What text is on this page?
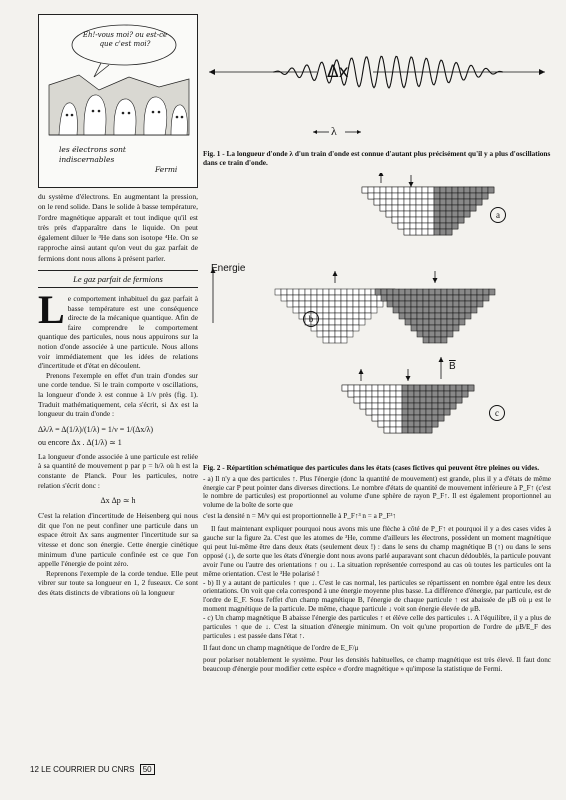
Eh!-vous moi? ou est-ce que c'est moi?
les électrons sont indiscernables
Fermi

du système d'électrons. En augmentant la pression, on le rend solide. Dans le solide à basse température, l'ordre magnétique apparaît et tout indique qu'il est très près d'apparaître dans le liquide. On peut également diluer le ³He dans son isotope ⁴He. On se rapproche ainsi autant qu'on veut du gaz parfait de fermions dont nous allons à présent parler.

Le gaz parfait de fermions

Le comportement inhabituel du gaz parfait à basse température est une conséquence directe de la mécanique quantique. Afin de faire comprendre le comportement quantique des particules, nous nous appuirons sur la notion d'onde associée à une particule. Nous allons voir immédiatement que les idées de relations d'incertitude et d'état en découlent.

Prenons l'exemple en effet d'un train d'ondes sur une corde tendue. Si le train comporte ν oscillations, la longueur d'onde λ est connue à 1/ν près (fig. 1). Traduit mathématiquement, cela s'écrit, si Δx est la longueur du train d'onde :

Δλ/λ = Δ(1/λ)/(1/λ) = 1/ν = 1/(Δx/λ)
ou encore Δx . Δ(1/λ) ≃ 1

La longueur d'onde associée à une particule est reliée à sa quantité de mouvement p par p = h/λ où h est la constante de Planck. Pour les particules, notre relation s'écrit donc :

Δx Δp ≃ h

C'est la relation d'incertitude de Heisenberg qui nous dit que l'on ne peut confiner une particule dans un espace étroit Δx sans augmenter l'incertitude sur sa vitesse et donc son énergie. Cette énergie cinétique minimum d'une particule confinée est ce que l'on appelle l'énergie de point zéro.

Reprenons l'exemple de la corde tendue. Elle peut vibrer sur toute sa longueur en 1, 2 fuseaux. Ce sont des états distincts de vibrations où la longueur

Δx
λ

Fig. 1 - La longueur d'onde λ d'un train d'onde est connue d'autant plus précisément qu'il y a plus d'oscillations dans ce train d'onde.

Energie
$\overline{B}$
a
b
c

Fig. 2 - Répartition schématique des particules dans les états (cases fictives qui peuvent être pleines ou vides.

- a) Il n'y a que des particules ↑. Plus l'énergie (donc la quantité de mouvement) est grande, plus il y a d'états de même énergie car P peut pointer dans diverses directions. Le nombre d'états de quantité de mouvement inférieure à P_F↑ (c'est le nombre de particules) est proportionnel au volume d'une sphère de rayon P_F↑. Il est également proportionnel au volume de la boîte de sorte que

c'est la densité n = M/v qui est proportionnelle à P_F↑³ n = a P_F³↑

Il faut maintenant expliquer pourquoi nous avons mis une flèche à côté de P_F↑ et pourquoi il y a des cases vides à gauche sur la figure 2a. C'est que les atomes de ³He, comme d'ailleurs les électrons, possèdent un moment magnétique qui peut lui-même être dans deux états (seulement deux !) : dans le sens du champ magnétique B (↑) ou dans le sens opposé (↓), de sorte que les états d'énergie dont nous avons parlé auparavant sont chacun dédoublés, la particule pouvant avoir l'une ou l'autre des orientations ↑ ou ↓. La situation représentée correspond au cas où toutes les particules ont la même orientation. C'est le ³He polarisé !

- b) Il y a autant de particules ↑ que ↓. C'est le cas normal, les particules se répartissent en nombre égal entre les deux orientations. On voit que cela correspond à une énergie moyenne plus basse. La différence d'énergie, par particule, est de l'ordre de E_F. Sous l'effet d'un champ magnétique B, l'énergie de chaque particule ↑ est abaissée de μB où μ est le moment magnétique de la particule. De même, chaque particule ↓ voit son énergie élevée de μB.

- c) Un champ magnétique B abaisse l'énergie des particules ↑ et élève celle des particules ↓. A l'équilibre, il y a plus de particules ↑ que de ↓. C'est la situation d'énergie minimum. On voit qu'une proportion de l'ordre de μB/E_F des particules ↓ est passée dans l'état ↑.

Il faut donc un champ magnétique de l'ordre de E_F/μ

pour polariser notablement le système. Pour les densités habituelles, ce champ magnétique est très élevé. Il faut donc beaucoup d'énergie pour modifier cette espèce « d'ordre magnétique » qu'impose la statistique de Fermi.

12 LE COURRIER DU CNRS 50
